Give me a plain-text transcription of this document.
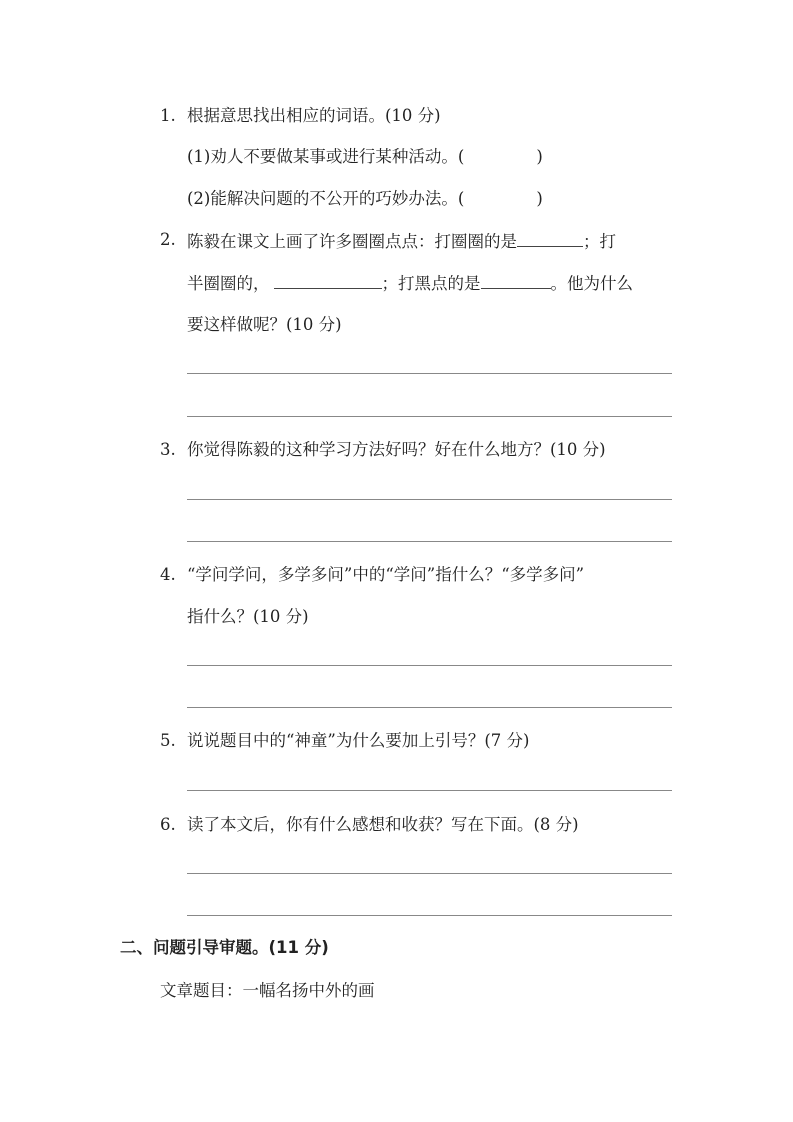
1. 根据意思找出相应的词语。(10 分)
(1)劝人不要做某事或进行某种活动。(	)
(2)能解决问题的不公开的巧妙办法。(	)
2. 陈毅在课文上画了许多圈圈点点：打圈圈的是	；打
半圈圈的，	；打黑点的是	。他为什么
要这样做呢？(10 分)
3. 你觉得陈毅的这种学习方法好吗？好在什么地方？(10 分)
4. “学问学问，多学多问”中的“学问”指什么？“多学多问”
指什么？(10 分)
5. 说说题目中的“神童”为什么要加上引号？(7 分)
6. 读了本文后，你有什么感想和收获？写在下面。(8 分)
二、问题引导审题。(11 分)
文章题目：一幅名扬中外的画
